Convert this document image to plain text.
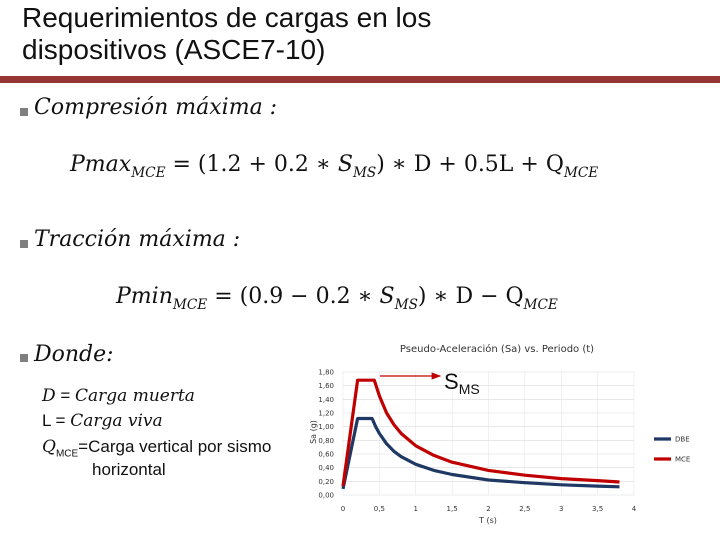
Requerimientos de cargas en los
dispositivos (ASCE7-10)
Compresión máxima :
Pmax$_{MCE}$ = (1.2 + 0.2 ∗ $S_{MS}$) ∗ $D + 0.5L + Q_{MCE}$
Tracción máxima :
Pmin$_{MCE}$ = (0.9 − 0.2 ∗ $S_{MS}$) ∗ $D - Q_{MCE}$
Donde:
D = Carga muerta
L = Carga viva
$Q_{MCE}=Carga$ vertical por sismo
horizontal
Pseudo-Aceleración (Sa) vs. Periodo (t)
0,00
0,20
0,40
0,60
0,80
1,00
1,20
1,40
1,60
1,80
0	0,5	1	1,5	2	2,5	3	3,5	4
Sa (g)
T (s)
$S_{MS}$
DBE
MCE
